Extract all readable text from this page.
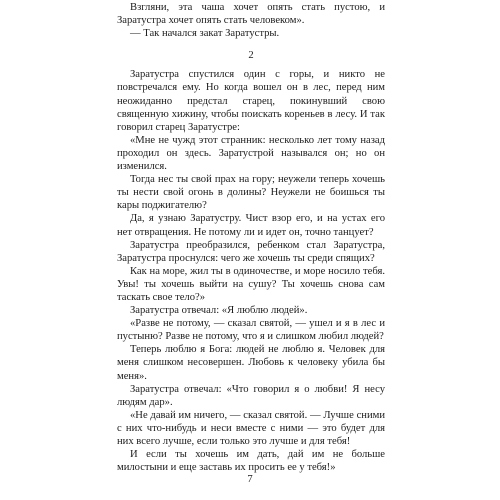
Взгляни, эта чаша хочет опять стать пустою, и Заратустра хочет опять стать человеком».

— Так начался закат Заратустры.

2

Заратустра спустился один с горы, и никто не повстречался ему. Но когда вошел он в лес, перед ним неожиданно предстал старец, покинувший свою священную хижину, чтобы поискать кореньев в лесу. И так говорил старец Заратустре:

«Мне не чужд этот странник: несколько лет тому назад проходил он здесь. Заратустрой назывался он; но он изменился.

Тогда нес ты свой прах на гору; неужели теперь хочешь ты нести свой огонь в долины? Неужели не боишься ты кары поджигателю?

Да, я узнаю Заратустру. Чист взор его, и на устах его нет отвращения. Не потому ли и идет он, точно танцует?

Заратустра преобразился, ребенком стал Заратустра, Заратустра проснулся: чего же хочешь ты среди спящих?

Как на море, жил ты в одиночестве, и море носило тебя. Увы! ты хочешь выйти на сушу? Ты хочешь снова сам таскать свое тело?»

Заратустра отвечал: «Я люблю людей».

«Разве не потому, — сказал святой, — ушел и я в лес и пустыню? Разве не потому, что я и слишком любил людей?

Теперь люблю я Бога: людей не люблю я. Человек для меня слишком несовершен. Любовь к человеку убила бы меня».

Заратустра отвечал: «Что говорил я о любви! Я несу людям дар».

«Не давай им ничего, — сказал святой. — Лучше сними с них что-нибудь и неси вместе с ними — это будет для них всего лучше, если только это лучше и для тебя!

И если ты хочешь им дать, дай им не больше милостыни и еще заставь их просить ее у тебя!»

7
